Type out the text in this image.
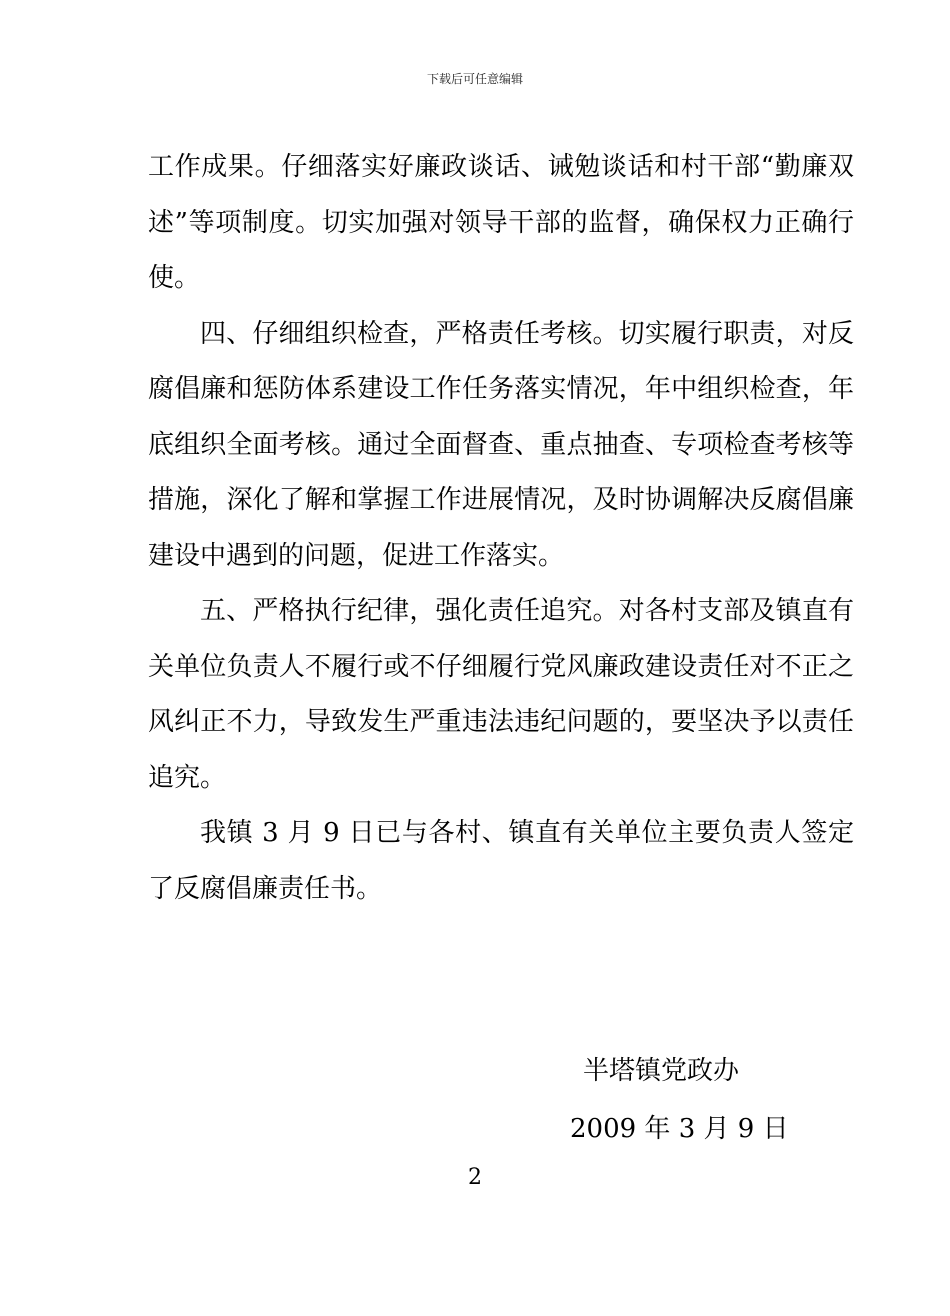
下载后可任意编辑

工作成果。仔细落实好廉政谈话、诫勉谈话和村干部“勤廉双述”等项制度。切实加强对领导干部的监督，确保权力正确行使。

四、仔细组织检查，严格责任考核。切实履行职责，对反腐倡廉和惩防体系建设工作任务落实情况，年中组织检查，年底组织全面考核。通过全面督查、重点抽查、专项检查考核等措施，深化了解和掌握工作进展情况，及时协调解决反腐倡廉建设中遇到的问题，促进工作落实。

五、严格执行纪律，强化责任追究。对各村支部及镇直有关单位负责人不履行或不仔细履行党风廉政建设责任对不正之风纠正不力，导致发生严重违法违纪问题的，要坚决予以责任追究。

我镇 3 月 9 日已与各村、镇直有关单位主要负责人签定了反腐倡廉责任书。

半塔镇党政办
2009 年 3 月 9 日
2
